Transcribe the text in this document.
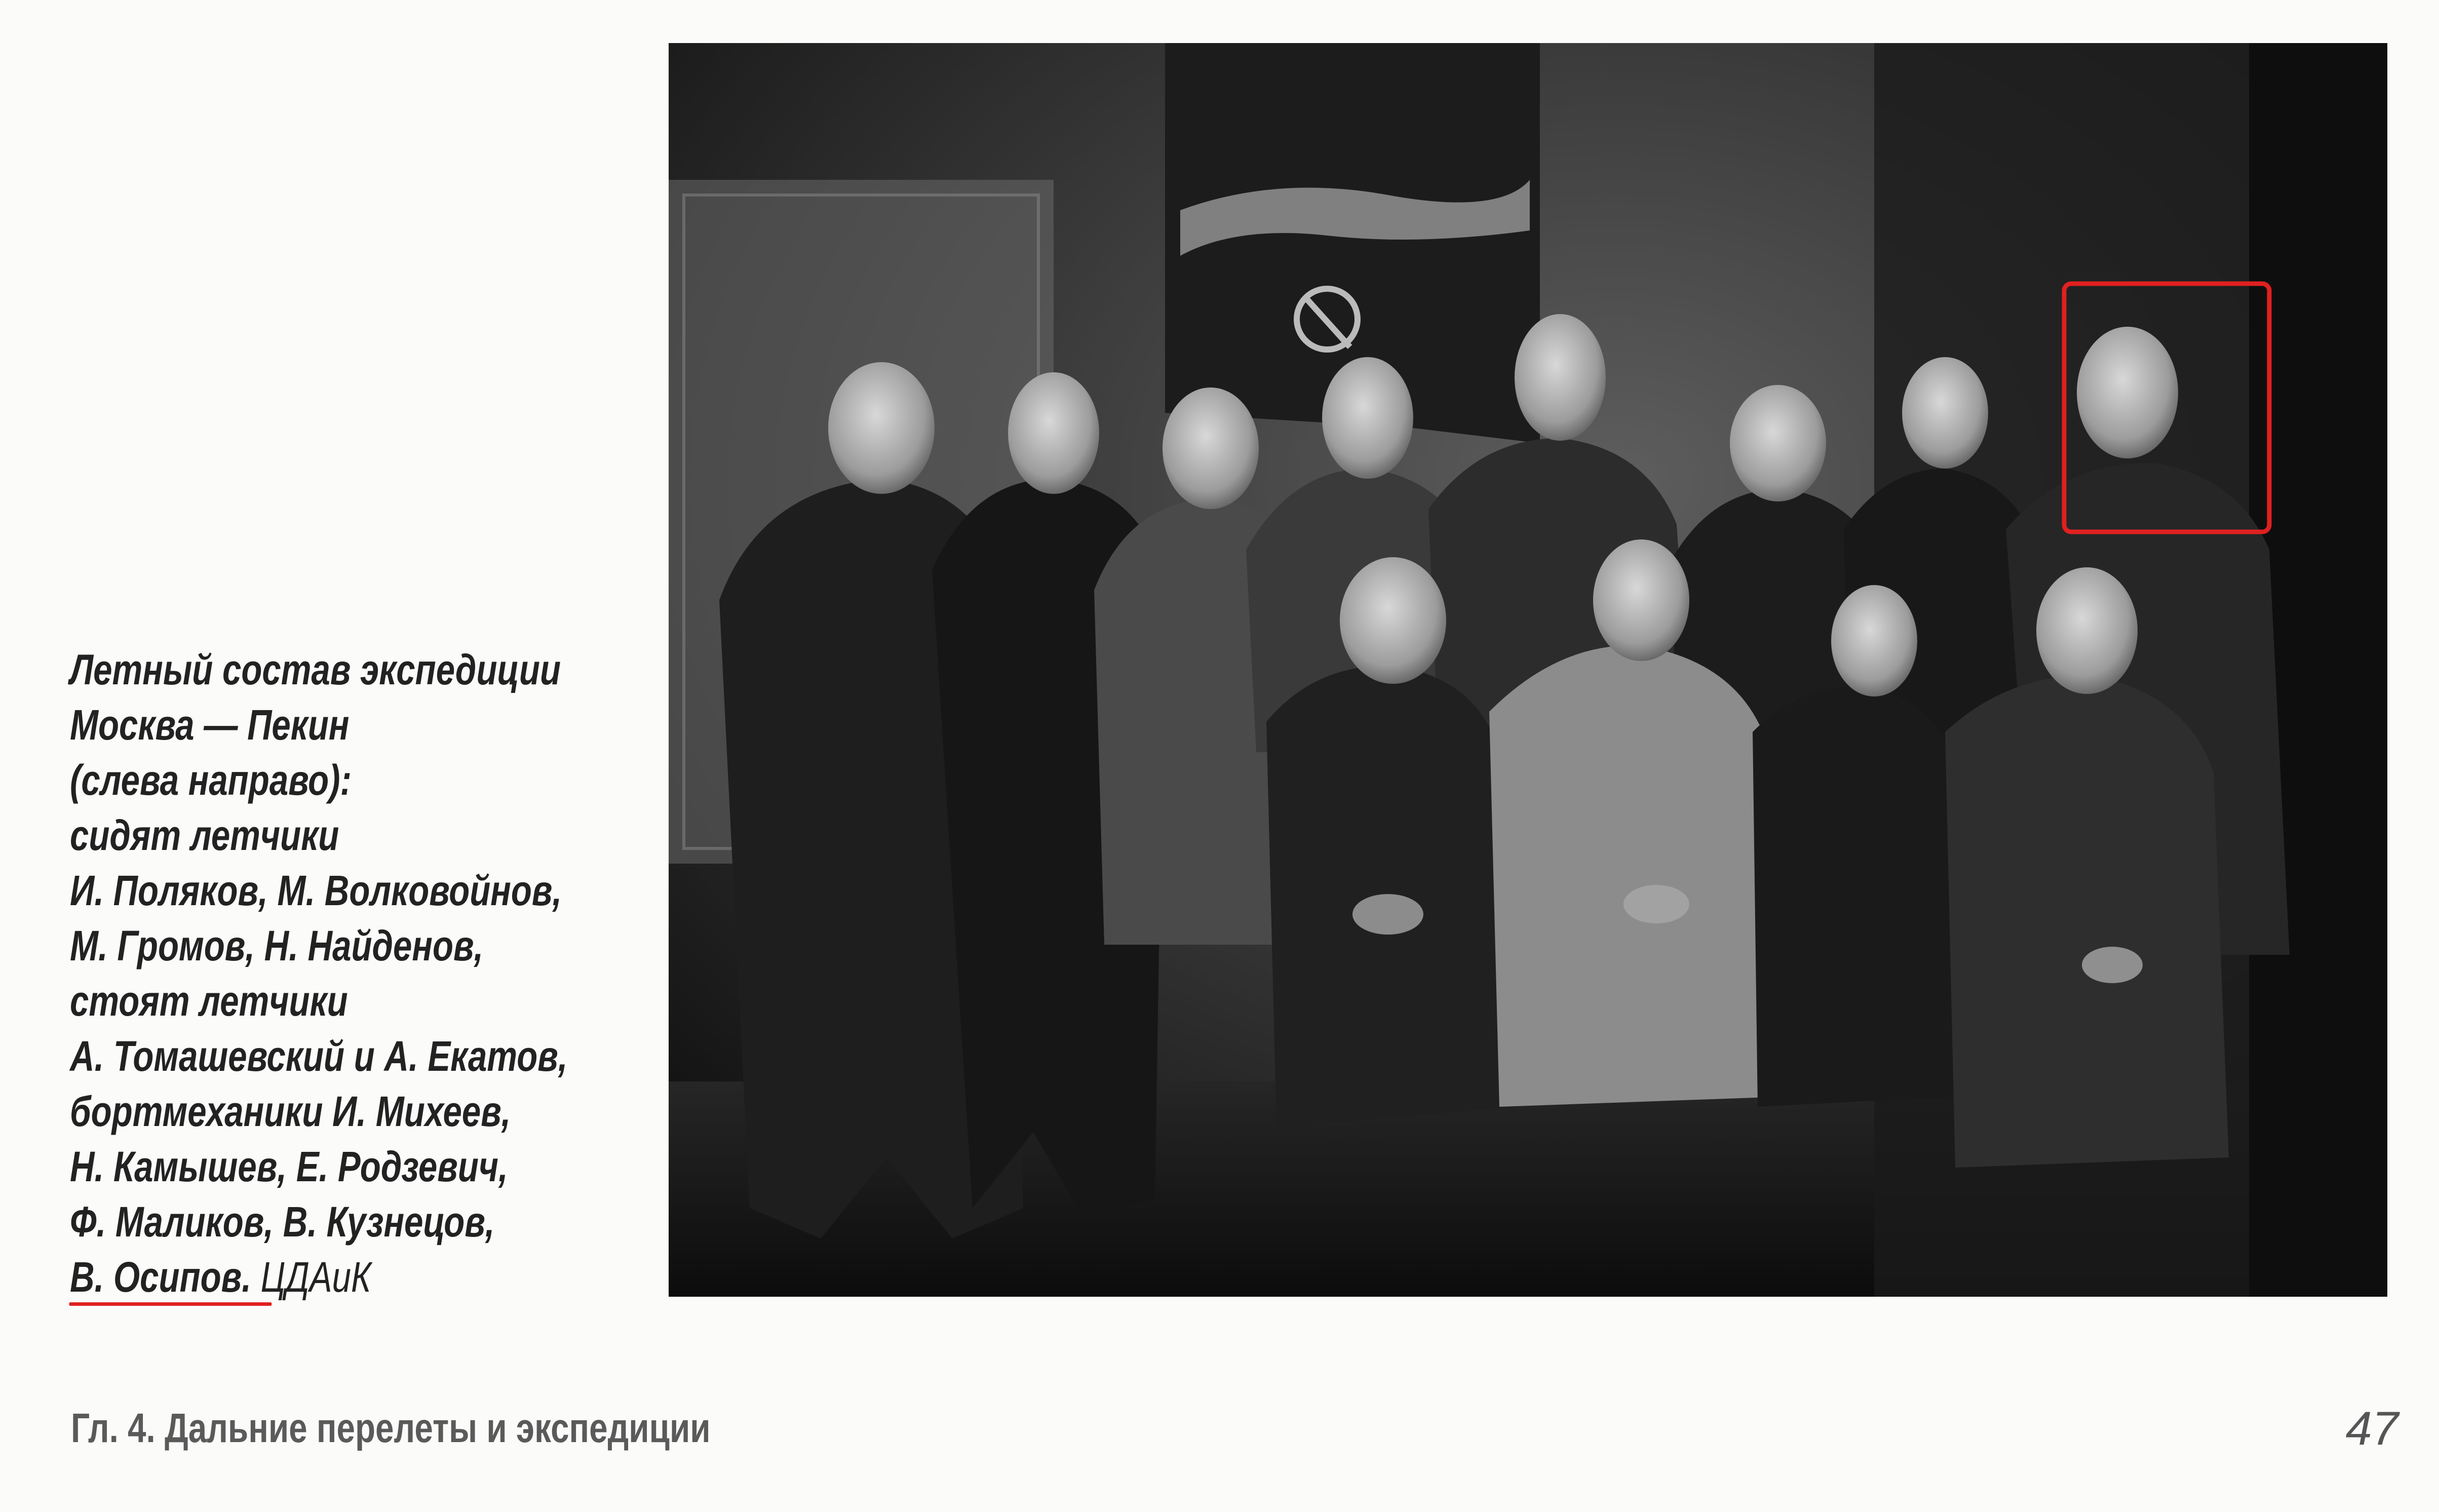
Летный состав экспедиции
Москва — Пекин
(слева направо):
сидят летчики
И. Поляков, М. Волковойнов,
М. Громов, Н. Найденов,
стоят летчики
А. Томашевский и А. Екатов,
бортмеханики И. Михеев,
Н. Камышев, Е. Родзевич,
Ф. Маликов, В. Кузнецов,
В. Осипов. ЦДАиК
Гл. 4. Дальние перелеты и экспедиции	47
